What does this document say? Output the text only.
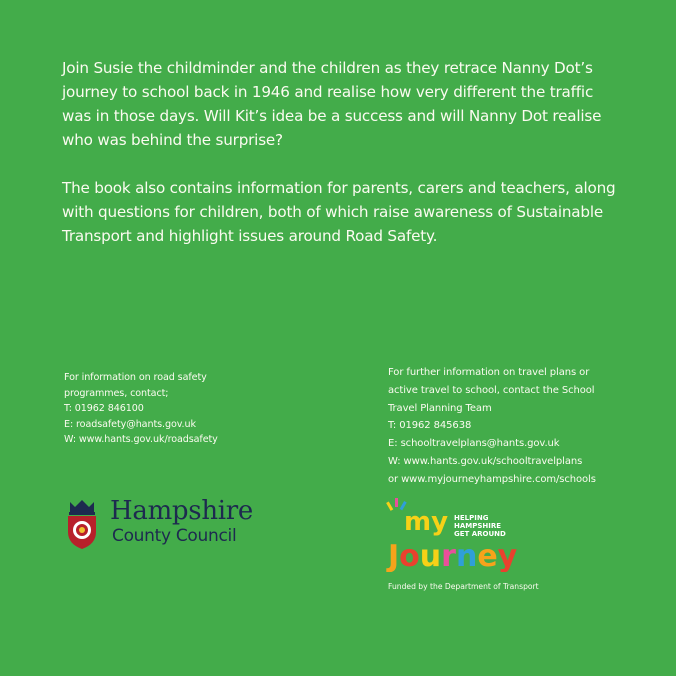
Join Susie the childminder and the children as they retrace Nanny Dot’s journey to school back in 1946 and realise how very different the traffic was in those days. Will Kit’s idea be a success and will Nanny Dot realise who was behind the surprise?

The book also contains information for parents, carers and teachers, along with questions for children, both of which raise awareness of Sustainable Transport and highlight issues around Road Safety.

For information on road safety
programmes, contact;
T: 01962 846100
E: roadsafety@hants.gov.uk
W: www.hants.gov.uk/roadsafety
For further information on travel plans or
active travel to school, contact the School
Travel Planning Team
T: 01962 845638
E: schooltravelplans@hants.gov.uk
W: www.hants.gov.uk/schooltravelplans
or www.myjourneyhampshire.com/schools
Hampshire
County Council	my
Journey
HELPING
HAMPSHIRE
GET AROUND
Funded by the Department of Transport
